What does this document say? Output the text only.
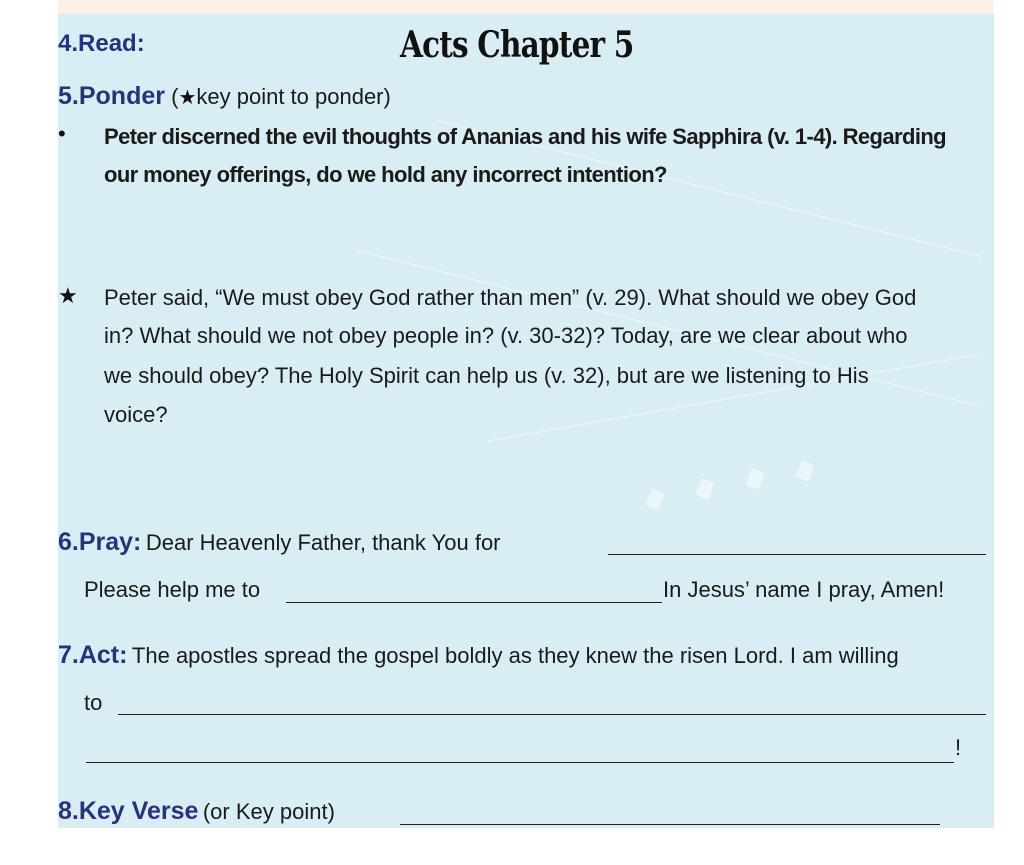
4.Read:	Acts Chapter 5
5.Ponder (★key point to ponder)
• Peter discerned the evil thoughts of Ananias and his wife Sapphira (v. 1-4). Regarding
our money offerings, do we hold any incorrect intention?
★ Peter said, “We must obey God rather than men” (v. 29). What should we obey God
in? What should we not obey people in? (v. 30-32)? Today, are we clear about who
we should obey? The Holy Spirit can help us (v. 32), but are we listening to His
voice?
6.Pray: Dear Heavenly Father, thank You for
Please help me to	In Jesus’ name I pray, Amen!
7.Act: The apostles spread the gospel boldly as they knew the risen Lord. I am willing
to
!
8.Key Verse (or Key point)
